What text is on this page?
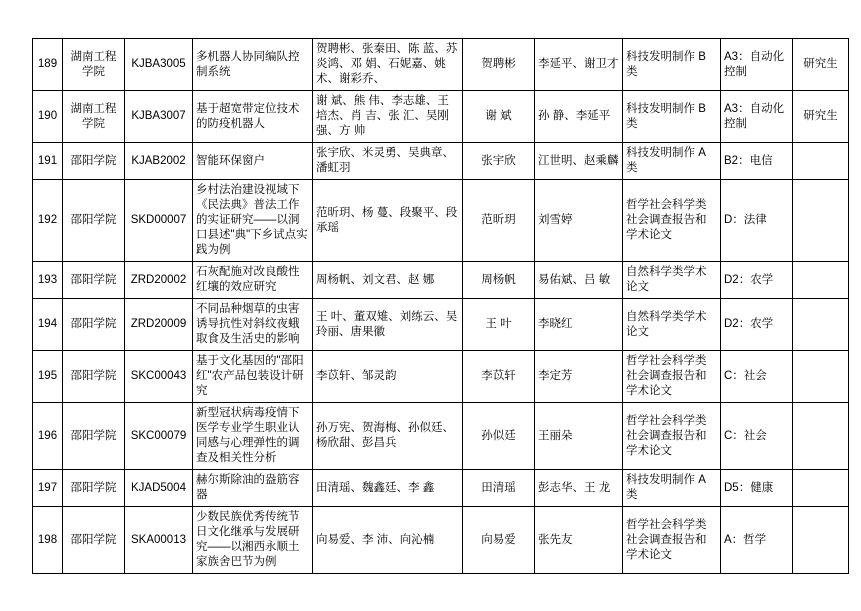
189	湖南工程学院	KJBA3005	多机器人协同编队控制系统	贺聘彬、张秦田、陈 蓝、苏炎鸿、邓 娟、石妮嘉、姚 术、谢彩乔、	贺聘彬	李延平、谢卫才	科技发明制作 B 类	A3：自动化控制	研究生
190	湖南工程学院	KJBA3007	基于超宽带定位技术的防疫机器人	谢 斌、熊 伟、李志雄、王培杰、肖 吉、张 汇、吴刚强、方 帅	谢 斌	孙 静、李延平	科技发明制作 B 类	A3：自动化控制	研究生
191	邵阳学院	KJAB2002	智能环保窗户	张宇欣、米灵勇、吴典章、潘虹羽	张宇欣	江世明、赵乘麟	科技发明制作 A 类	B2：电信	
192	邵阳学院	SKD00007	乡村法治建设视域下《民法典》普法工作的实证研究——以洞口县述"典"下乡试点实践为例	范昕玥、杨 蔓、段聚平、段承瑶	范昕玥	刘雪婷	哲学社会科学类社会调查报告和学术论文	D：法律	
193	邵阳学院	ZRD20002	石灰配施对改良酸性红壤的效应研究	周杨帆、刘文君、赵 娜	周杨帆	易佑斌、吕 敏	自然科学类学术论文	D2：农学	
194	邵阳学院	ZRD20009	不同品种烟草的虫害诱导抗性对斜纹夜蛾取食及生活史的影响	王 叶、董双雉、刘练云、吴玲丽、唐果徽	王 叶	李晓红	自然科学类学术论文	D2：农学	
195	邵阳学院	SKC00043	基于文化基因的"邵阳红"农产品包装设计研究	李苡轩、邹灵韵	李苡轩	李定芳	哲学社会科学类社会调查报告和学术论文	C：社会	
196	邵阳学院	SKC00079	新型冠状病毒疫情下医学专业学生职业认同感与心理弹性的调查及相关性分析	孙万宪、贺海梅、孙似廷、杨欣甜、彭昌兵	孙似廷	王丽朵	哲学社会科学类社会调查报告和学术论文	C：社会	
197	邵阳学院	KJAD5004	赫尔斯除油的盎筋容器	田清瑶、魏鑫廷、李 鑫	田清瑶	彭志华、王 龙	科技发明制作 A 类	D5：健康	
198	邵阳学院	SKA00013	少数民族优秀传统节日文化继承与发展研究——以湘西永顺土家族舍巴节为例	向易爱、李 沛、向沁楠	向易爱	张先友	哲学社会科学类社会调查报告和学术论文	A：哲学	
